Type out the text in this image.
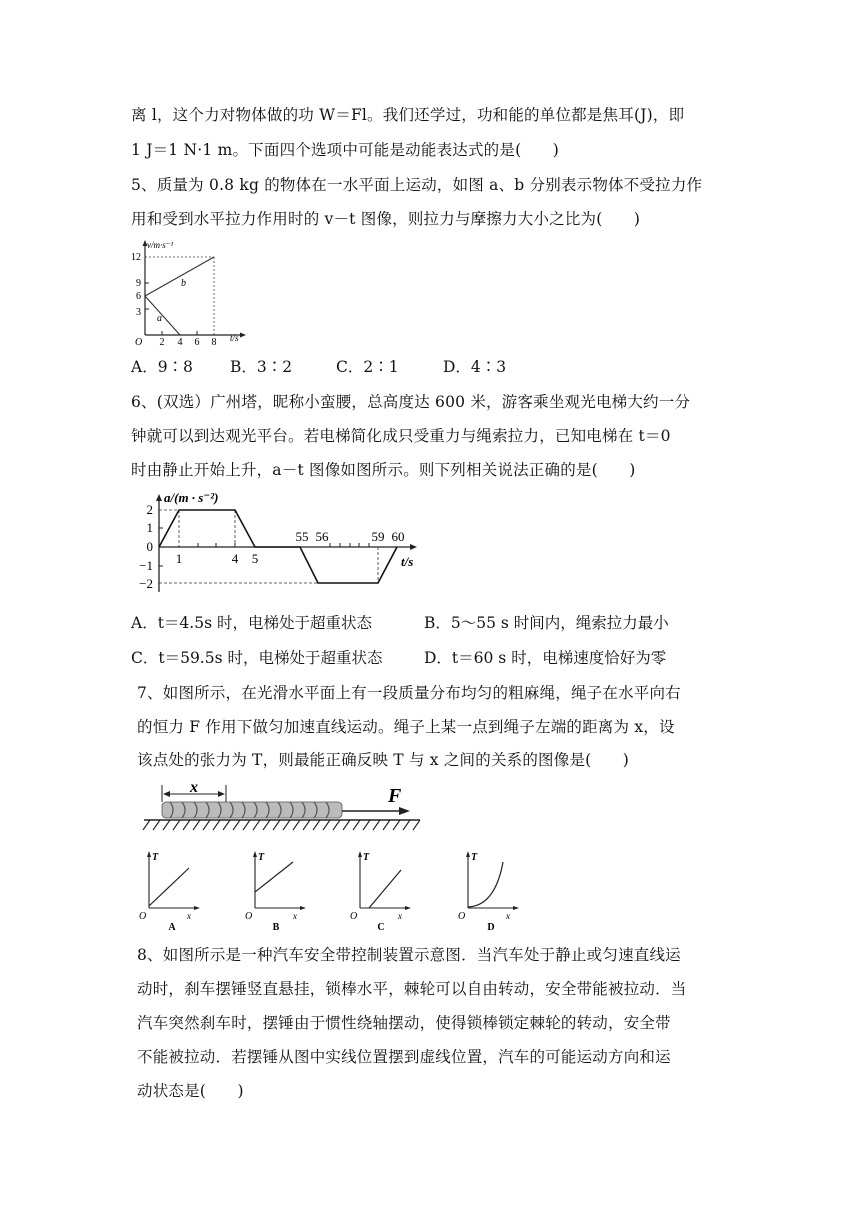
离 l，这个力对物体做的功 W＝Fl。我们还学过，功和能的单位都是焦耳(J)，即
1 J＝1 N·1 m。下面四个选项中可能是动能表达式的是(　　)
5、质量为 0.8 kg 的物体在一水平面上运动，如图 a、b 分别表示物体不受拉力作
用和受到水平拉力作用时的 v－t 图像，则拉力与摩擦力大小之比为(　　)
v/m·s⁻¹
12
9
6
3
O 2 4 6 8 t/s
a
b
A．9∶8 B．3∶2	C．2∶1	D．4∶3
6、(双选）广州塔，昵称小蛮腰，总高度达 600 米，游客乘坐观光电梯大约一分
钟就可以到达观光平台。若电梯简化成只受重力与绳索拉力，已知电梯在 t＝0
时由静止开始上升，a－t 图像如图所示。则下列相关说法正确的是(　　)
a/(m · s⁻²)
2
1
0
−1
−2
1	4 5
55 56	59 60
t/s
A．t＝4.5s 时，电梯处于超重状态	B．5～55 s 时间内，绳索拉力最小
C．t＝59.5s 时，电梯处于超重状态	D．t＝60 s 时，电梯速度恰好为零
7、如图所示，在光滑水平面上有一段质量分布均匀的粗麻绳，绳子在水平向右
的恒力 F 作用下做匀加速直线运动。绳子上某一点到绳子左端的距离为 x，设
该点处的张力为 T，则最能正确反映 T 与 x 之间的关系的图像是(　　)
x	F
T
x
O
A
T
x
O
B
T
x
O
C
T
x
O
D
8、如图所示是一种汽车安全带控制装置示意图．当汽车处于静止或匀速直线运
动时，刹车摆锤竖直悬挂，锁棒水平，棘轮可以自由转动，安全带能被拉动．当
汽车突然刹车时，摆锤由于惯性绕轴摆动，使得锁棒锁定棘轮的转动，安全带
不能被拉动．若摆锤从图中实线位置摆到虚线位置，汽车的可能运动方向和运
动状态是(　　)
